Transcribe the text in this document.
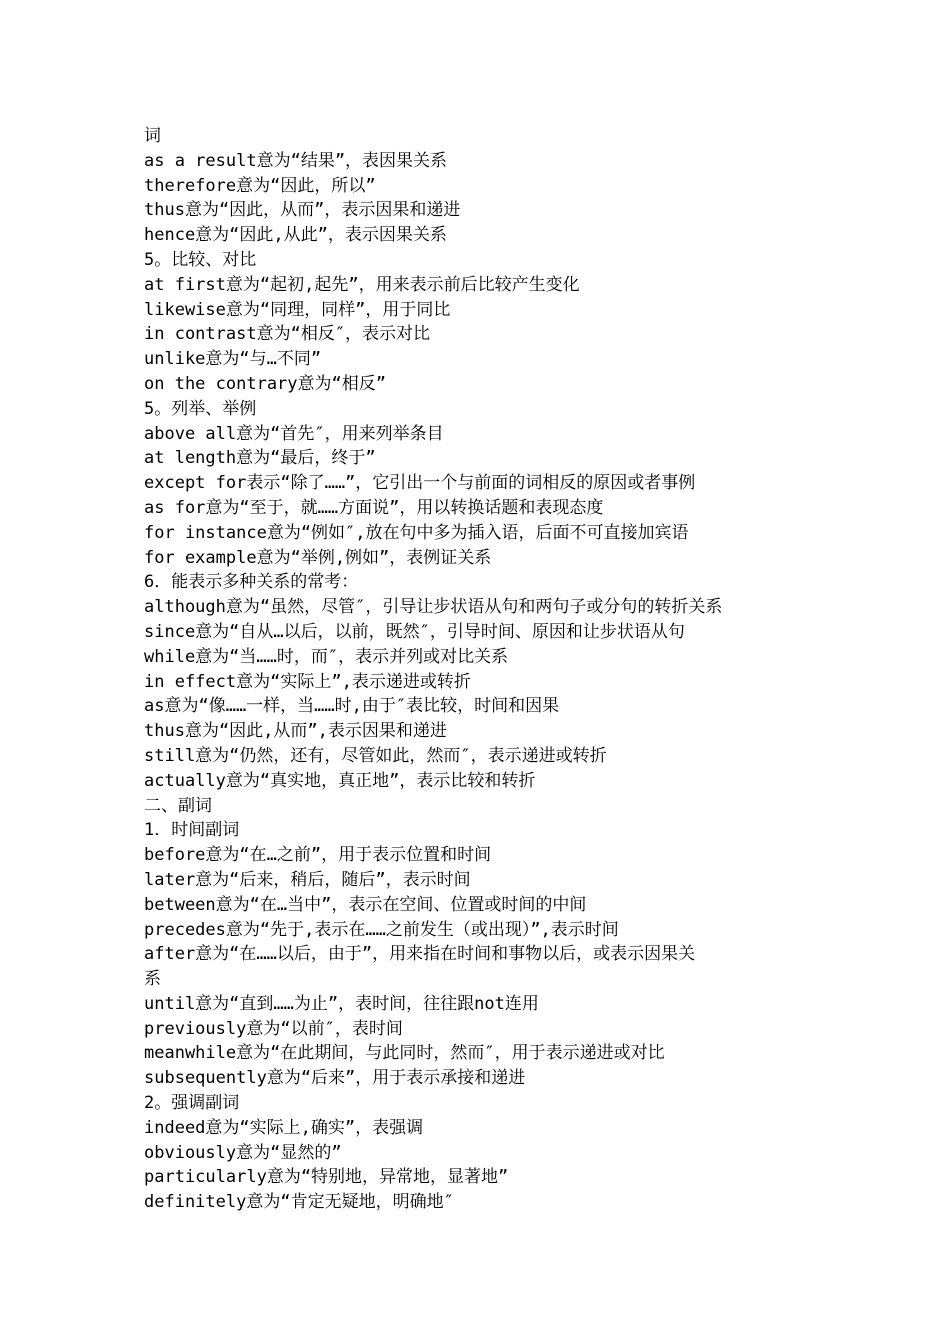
词
as a result意为“结果”，表因果关系
therefore意为“因此，所以”
thus意为“因此，从而”，表示因果和递进
hence意为“因此,从此”，表示因果关系
5。比较、对比
at first意为“起初,起先”，用来表示前后比较产生变化
likewise意为“同理，同样”，用于同比
in contrast意为“相反″，表示对比
unlike意为“与…不同”
on the contrary意为“相反”
5。列举、举例
above all意为“首先″，用来列举条目
at length意为“最后，终于”
except for表示“除了……”，它引出一个与前面的词相反的原因或者事例
as for意为“至于，就……方面说”，用以转换话题和表现态度
for instance意为“例如″,放在句中多为插入语，后面不可直接加宾语
for example意为“举例,例如”，表例证关系
6．能表示多种关系的常考：
although意为“虽然，尽管″，引导让步状语从句和两句子或分句的转折关系
since意为“自从…以后，以前，既然″，引导时间、原因和让步状语从句
while意为“当……时，而″，表示并列或对比关系
in effect意为“实际上”,表示递进或转折
as意为“像……一样，当……时,由于″表比较，时间和因果
thus意为“因此,从而”,表示因果和递进
still意为“仍然，还有，尽管如此，然而″，表示递进或转折
actually意为“真实地，真正地”，表示比较和转折
二、副词
1．时间副词
before意为“在…之前”，用于表示位置和时间
later意为“后来，稍后，随后”，表示时间
between意为“在…当中”，表示在空间、位置或时间的中间
precedes意为“先于,表示在……之前发生（或出现）”,表示时间
after意为“在……以后，由于”，用来指在时间和事物以后，或表示因果关
系
until意为“直到……为止”，表时间，往往跟not连用
previously意为“以前″，表时间
meanwhile意为“在此期间，与此同时，然而″，用于表示递进或对比
subsequently意为“后来”，用于表示承接和递进
2。强调副词
indeed意为“实际上,确实”，表强调
obviously意为“显然的”
particularly意为“特别地，异常地，显著地”
definitely意为“肯定无疑地，明确地″
